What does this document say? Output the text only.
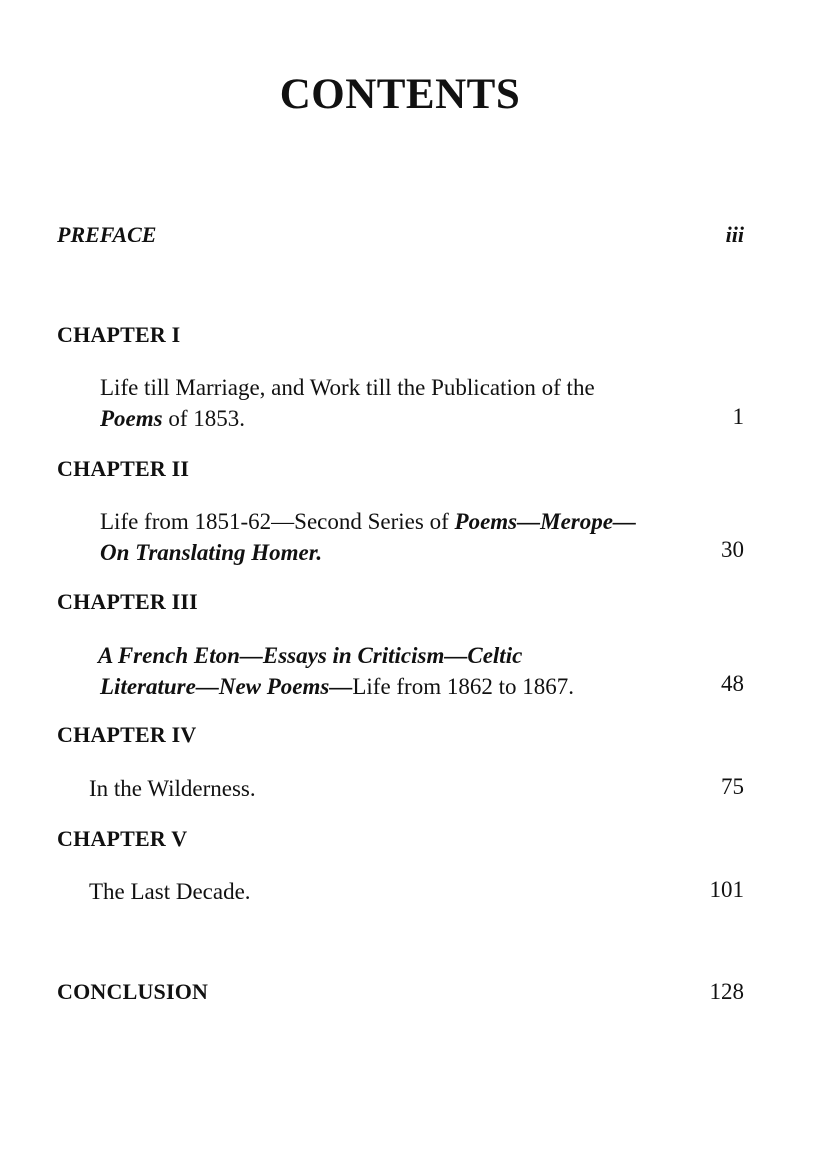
CONTENTS
PREFACE	iii
CHAPTER I
Life till Marriage, and Work till the Publication of the
Poems of 1853.	1
CHAPTER II
Life from 1851-62—Second Series of Poems—Merope—
On Translating Homer.	30
CHAPTER III
A French Eton—Essays in Criticism—Celtic
Literature—New Poems—Life from 1862 to 1867.	48
CHAPTER IV
In the Wilderness.	75
CHAPTER V
The Last Decade.	101
CONCLUSION	128
